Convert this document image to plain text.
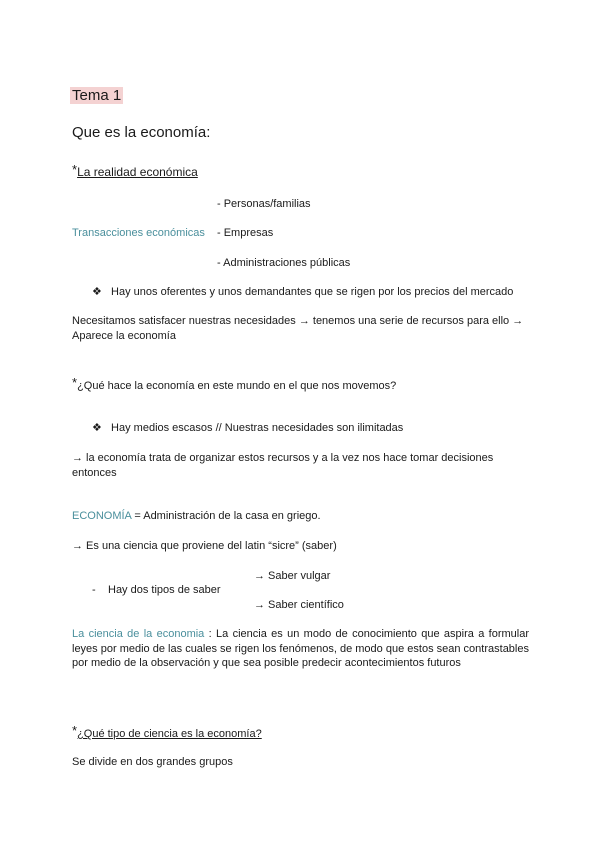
Tema 1
Que es la economía:
*La realidad económica
- Personas/familias
Transacciones económicas - Empresas
- Administraciones públicas
❖ Hay unos oferentes y unos demandantes que se rigen por los precios del mercado
Necesitamos satisfacer nuestras necesidades → tenemos una serie de recursos para ello →
Aparece la economía
*¿Qué hace la economía en este mundo en el que nos movemos?
❖ Hay medios escasos // Nuestras necesidades son ilimitadas
→ la economía trata de organizar estos recursos y a la vez nos hace tomar decisiones
entonces
ECONOMÍA = Administración de la casa en griego.
→ Es una ciencia que proviene del latin “sicre” (saber)
→ Saber vulgar
- Hay dos tipos de saber
→ Saber científico
La ciencia de la economia : La ciencia es un modo de conocimiento que aspira a formular leyes por medio de las cuales se rigen los fenómenos, de modo que estos sean contrastables por medio de la observación y que sea posible predecir acontecimientos futuros
*¿Qué tipo de ciencia es la economía?
Se divide en dos grandes grupos
